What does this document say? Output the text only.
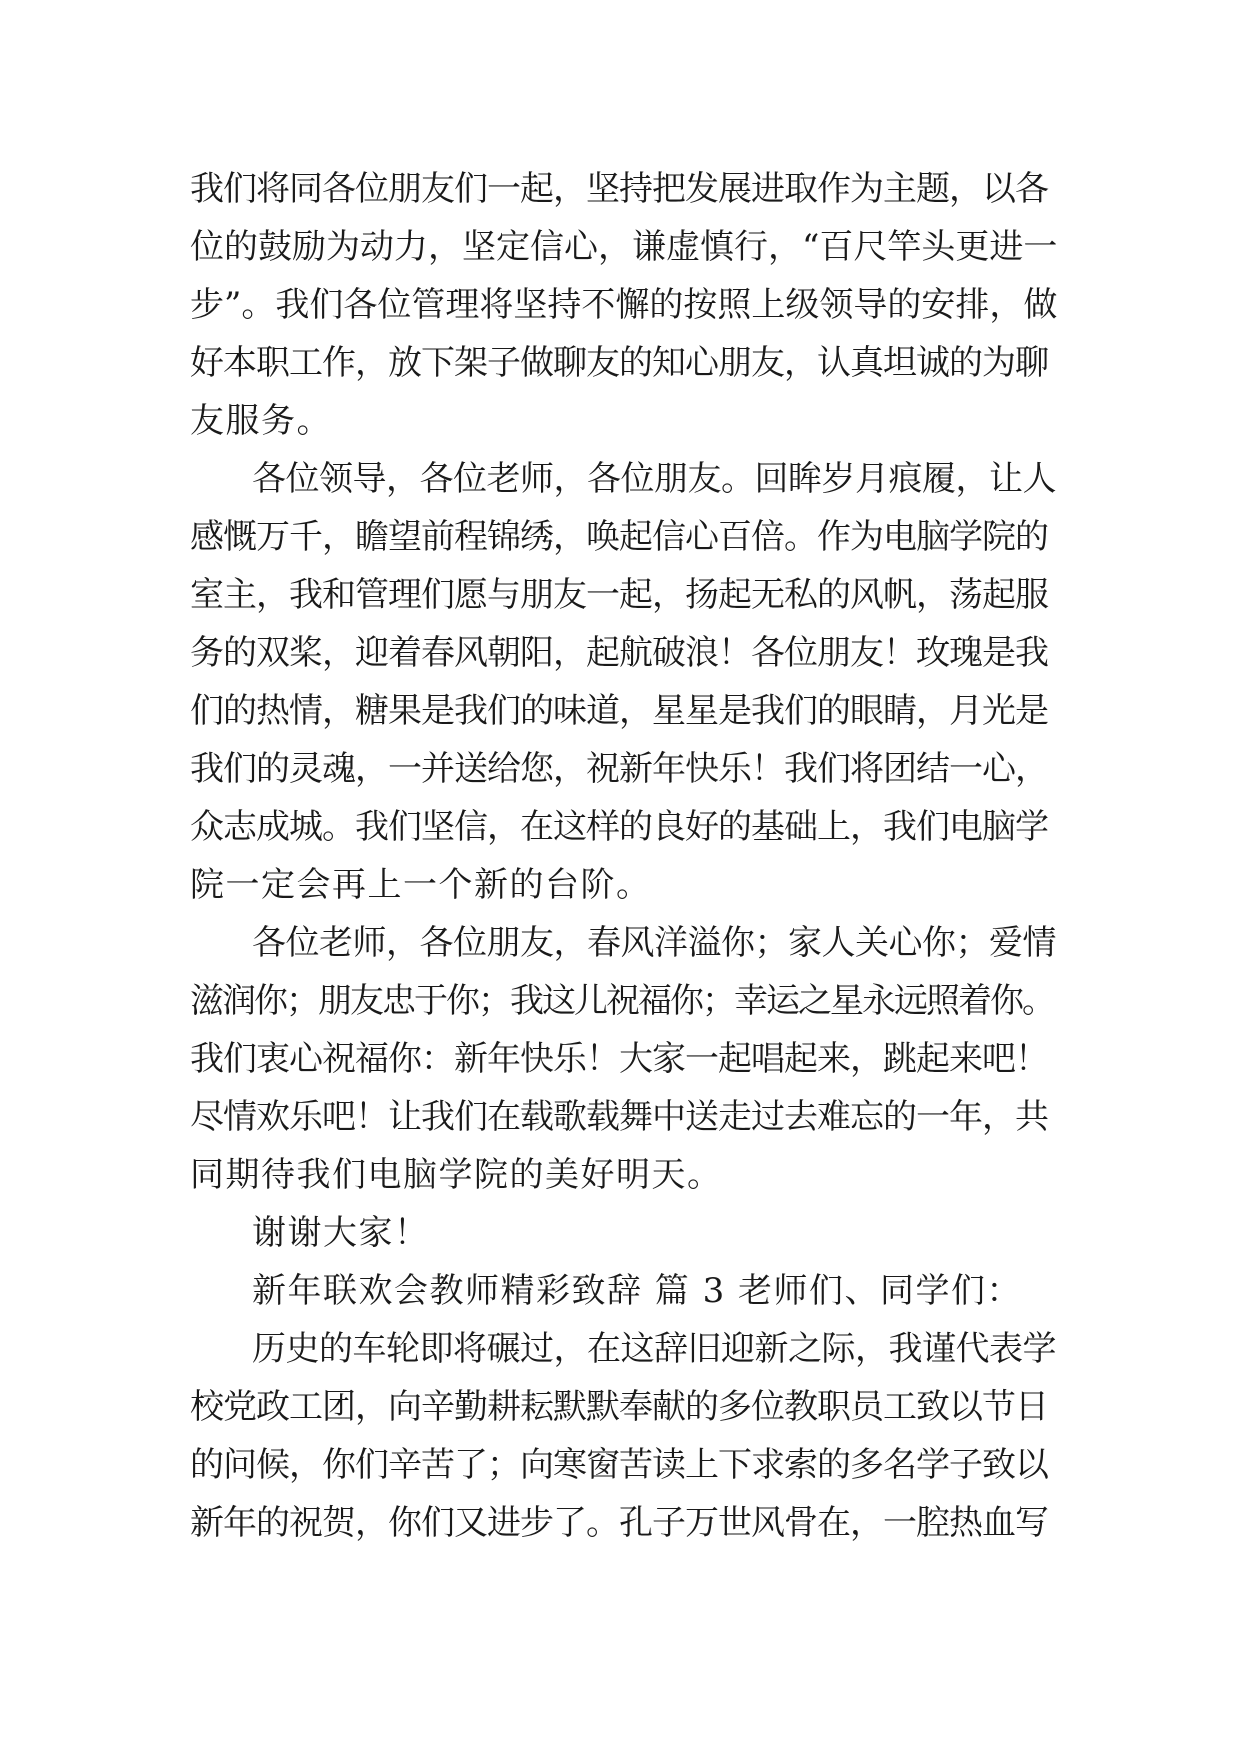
我们将同各位朋友们一起，坚持把发展进取作为主题，以各
位的鼓励为动力，坚定信心，谦虚慎行，“百尺竿头更进一
步”。我们各位管理将坚持不懈的按照上级领导的安排，做
好本职工作，放下架子做聊友的知心朋友，认真坦诚的为聊
友服务。
各位领导，各位老师，各位朋友。回眸岁月痕履，让人
感慨万千，瞻望前程锦绣，唤起信心百倍。作为电脑学院的
室主，我和管理们愿与朋友一起，扬起无私的风帆，荡起服
务的双桨，迎着春风朝阳，起航破浪！各位朋友！玫瑰是我
们的热情，糖果是我们的味道，星星是我们的眼睛，月光是
我们的灵魂，一并送给您，祝新年快乐！我们将团结一心，
众志成城。我们坚信，在这样的良好的基础上，我们电脑学
院一定会再上一个新的台阶。
各位老师，各位朋友，春风洋溢你；家人关心你；爱情
滋润你；朋友忠于你；我这儿祝福你；幸运之星永远照着你。
我们衷心祝福你：新年快乐！大家一起唱起来，跳起来吧！
尽情欢乐吧！让我们在载歌载舞中送走过去难忘的一年，共
同期待我们电脑学院的美好明天。
谢谢大家！
新年联欢会教师精彩致辞 篇 3 老师们、同学们：
历史的车轮即将碾过，在这辞旧迎新之际，我谨代表学
校党政工团，向辛勤耕耘默默奉献的多位教职员工致以节日
的问候，你们辛苦了；向寒窗苦读上下求索的多名学子致以
新年的祝贺，你们又进步了。孔子万世风骨在，一腔热血写
